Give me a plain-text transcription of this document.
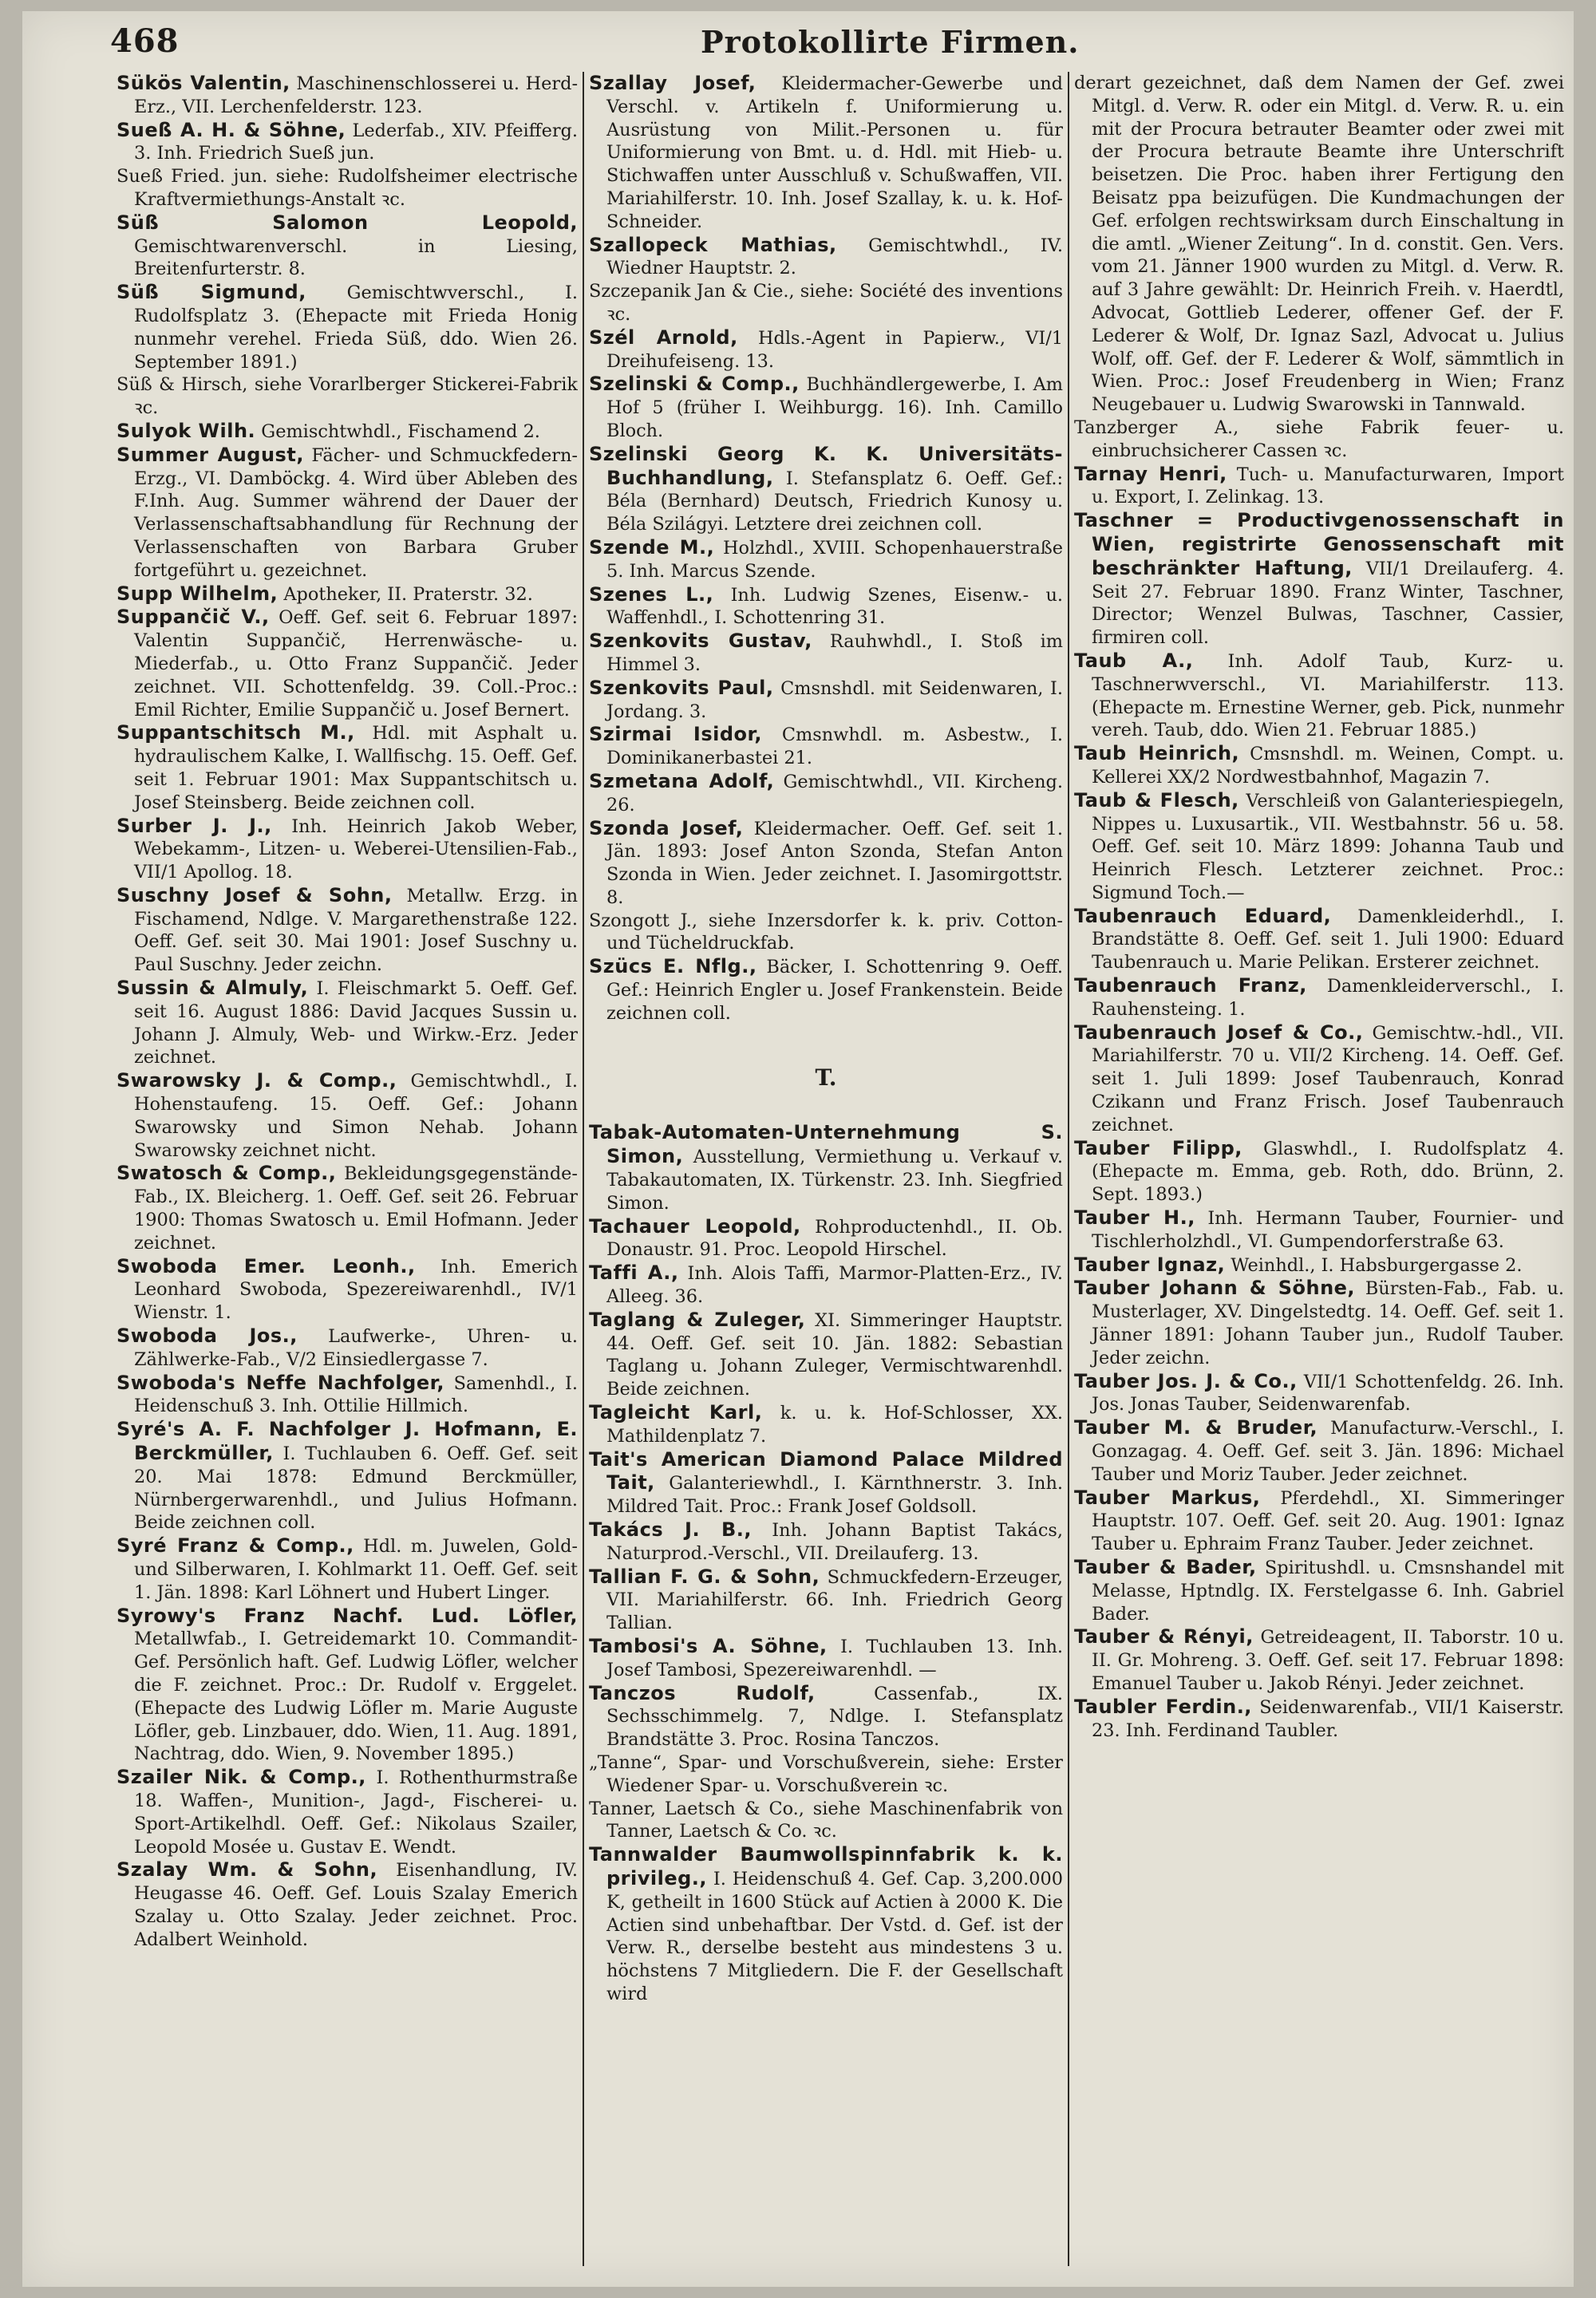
468	Protokollirte Firmen.

Sükös Valentin, Maschinenschlosserei u. Herd-Erz., VII. Lerchenfelderstr. 123.

Sueß A. H. & Söhne, Lederfab., XIV. Pfeifferg. 3. Inh. Friedrich Sueß jun.

Sueß Fried. jun. siehe: Rudolfsheimer electrische Kraftvermiethungs-Anstalt ꝛc.

Süß Salomon Leopold, Gemischtwarenverschl. in Liesing, Breitenfurterstr. 8.

Süß Sigmund, Gemischtwverschl., I. Rudolfsplatz 3. (Ehepacte mit Frieda Honig nunmehr verehel. Frieda Süß, ddo. Wien 26. September 1891.)

Süß & Hirsch, siehe Vorarlberger Stickerei-Fabrik ꝛc.

Sulyok Wilh. Gemischtwhdl., Fischamend 2.

Summer August, Fächer- und Schmuckfedern-Erzg., VI. Damböckg. 4. Wird über Ableben des F.Inh. Aug. Summer während der Dauer der Verlassenschaftsabhandlung für Rechnung der Verlassenschaften von Barbara Gruber fortgeführt u. gezeichnet.

Supp Wilhelm, Apotheker, II. Praterstr. 32.

Suppančič V., Oeff. Gef. seit 6. Februar 1897: Valentin Suppančič, Herrenwäsche- u. Miederfab., u. Otto Franz Suppančič. Jeder zeichnet. VII. Schottenfeldg. 39. Coll.-Proc.: Emil Richter, Emilie Suppančič u. Josef Bernert.

Suppantschitsch M., Hdl. mit Asphalt u. hydraulischem Kalke, I. Wallfischg. 15. Oeff. Gef. seit 1. Februar 1901: Max Suppantschitsch u. Josef Steinsberg. Beide zeichnen coll.

Surber J. J., Inh. Heinrich Jakob Weber, Webekamm-, Litzen- u. Weberei-Utensilien-Fab., VII/1 Apollog. 18.

Suschny Josef & Sohn, Metallw. Erzg. in Fischamend, Ndlge. V. Margarethenstraße 122. Oeff. Gef. seit 30. Mai 1901: Josef Suschny u. Paul Suschny. Jeder zeichn.

Sussin & Almuly, I. Fleischmarkt 5. Oeff. Gef. seit 16. August 1886: David Jacques Sussin u. Johann J. Almuly, Web- und Wirkw.-Erz. Jeder zeichnet.

Swarowsky J. & Comp., Gemischtwhdl., I. Hohenstaufeng. 15. Oeff. Gef.: Johann Swarowsky und Simon Nehab. Johann Swarowsky zeichnet nicht.

Swatosch & Comp., Bekleidungsgegenstände-Fab., IX. Bleicherg. 1. Oeff. Gef. seit 26. Februar 1900: Thomas Swatosch u. Emil Hofmann. Jeder zeichnet.

Swoboda Emer. Leonh., Inh. Emerich Leonhard Swoboda, Spezereiwarenhdl., IV/1 Wienstr. 1.

Swoboda Jos., Laufwerke-, Uhren- u. Zählwerke-Fab., V/2 Einsiedlergasse 7.

Swoboda's Neffe Nachfolger, Samenhdl., I. Heidenschuß 3. Inh. Ottilie Hillmich.

Syré's A. F. Nachfolger J. Hofmann, E. Berckmüller, I. Tuchlauben 6. Oeff. Gef. seit 20. Mai 1878: Edmund Berckmüller, Nürnbergerwarenhdl., und Julius Hofmann. Beide zeichnen coll.

Syré Franz & Comp., Hdl. m. Juwelen, Gold- und Silberwaren, I. Kohlmarkt 11. Oeff. Gef. seit 1. Jän. 1898: Karl Löhnert und Hubert Linger.

Syrowy's Franz Nachf. Lud. Löfler, Metallwfab., I. Getreidemarkt 10. Commandit-Gef. Persönlich haft. Gef. Ludwig Löfler, welcher die F. zeichnet. Proc.: Dr. Rudolf v. Erggelet. (Ehepacte des Ludwig Löfler m. Marie Auguste Löfler, geb. Linzbauer, ddo. Wien, 11. Aug. 1891, Nachtrag, ddo. Wien, 9. November 1895.)

Szailer Nik. & Comp., I. Rothenthurmstraße 18. Waffen-, Munition-, Jagd-, Fischerei- u. Sport-Artikelhdl. Oeff. Gef.: Nikolaus Szailer, Leopold Mosée u. Gustav E. Wendt.

Szalay Wm. & Sohn, Eisenhandlung, IV. Heugasse 46. Oeff. Gef. Louis Szalay Emerich Szalay u. Otto Szalay. Jeder zeichnet. Proc. Adalbert Weinhold.

Szallay Josef, Kleidermacher-Gewerbe und Verschl. v. Artikeln f. Uniformierung u. Ausrüstung von Milit.-Personen u. für Uniformierung von Bmt. u. d. Hdl. mit Hieb- u. Stichwaffen unter Ausschluß v. Schußwaffen, VII. Mariahilferstr. 10. Inh. Josef Szallay, k. u. k. Hof-Schneider.

Szallopeck Mathias, Gemischtwhdl., IV. Wiedner Hauptstr. 2.

Szczepanik Jan & Cie., siehe: Société des inventions ꝛc.

Szél Arnold, Hdls.-Agent in Papierw., VI/1 Dreihufeiseng. 13.

Szelinski & Comp., Buchhändlergewerbe, I. Am Hof 5 (früher I. Weihburgg. 16). Inh. Camillo Bloch.

Szelinski Georg K. K. Universitäts-Buchhandlung, I. Stefansplatz 6. Oeff. Gef.: Béla (Bernhard) Deutsch, Friedrich Kunosy u. Béla Szilágyi. Letztere drei zeichnen coll.

Szende M., Holzhdl., XVIII. Schopenhauerstraße 5. Inh. Marcus Szende.

Szenes L., Inh. Ludwig Szenes, Eisenw.- u. Waffenhdl., I. Schottenring 31.

Szenkovits Gustav, Rauhwhdl., I. Stoß im Himmel 3.

Szenkovits Paul, Cmsnshdl. mit Seidenwaren, I. Jordang. 3.

Szirmai Isidor, Cmsnwhdl. m. Asbestw., I. Dominikanerbastei 21.

Szmetana Adolf, Gemischtwhdl., VII. Kircheng. 26.

Szonda Josef, Kleidermacher. Oeff. Gef. seit 1. Jän. 1893: Josef Anton Szonda, Stefan Anton Szonda in Wien. Jeder zeichnet. I. Jasomirgottstr. 8.

Szongott J., siehe Inzersdorfer k. k. priv. Cotton- und Tücheldruckfab.

Szücs E. Nflg., Bäcker, I. Schottenring 9. Oeff. Gef.: Heinrich Engler u. Josef Frankenstein. Beide zeichnen coll.

T.

Tabak-Automaten-Unternehmung S. Simon, Ausstellung, Vermiethung u. Verkauf v. Tabakautomaten, IX. Türkenstr. 23. Inh. Siegfried Simon.

Tachauer Leopold, Rohproductenhdl., II. Ob. Donaustr. 91. Proc. Leopold Hirschel.

Taffi A., Inh. Alois Taffi, Marmor-Platten-Erz., IV. Alleeg. 36.

Taglang & Zuleger, XI. Simmeringer Hauptstr. 44. Oeff. Gef. seit 10. Jän. 1882: Sebastian Taglang u. Johann Zuleger, Vermischtwarenhdl. Beide zeichnen.

Tagleicht Karl, k. u. k. Hof-Schlosser, XX. Mathildenplatz 7.

Tait's American Diamond Palace Mildred Tait, Galanteriewhdl., I. Kärnthnerstr. 3. Inh. Mildred Tait. Proc.: Frank Josef Goldsoll.

Takács J. B., Inh. Johann Baptist Takács, Naturprod.-Verschl., VII. Dreilauferg. 13.

Tallian F. G. & Sohn, Schmuckfedern-Erzeuger, VII. Mariahilferstr. 66. Inh. Friedrich Georg Tallian.

Tambosi's A. Söhne, I. Tuchlauben 13. Inh. Josef Tambosi, Spezereiwarenhdl. —

Tanczos Rudolf, Cassenfab., IX. Sechsschimmelg. 7, Ndlge. I. Stefansplatz Brandstätte 3. Proc. Rosina Tanczos.

„Tanne“, Spar- und Vorschußverein, siehe: Erster Wiedener Spar- u. Vorschußverein ꝛc.

Tanner, Laetsch & Co., siehe Maschinenfabrik von Tanner, Laetsch & Co. ꝛc.

Tannwalder Baumwollspinnfabrik k. k. privileg., I. Heidenschuß 4. Gef. Cap. 3,200.000 K, getheilt in 1600 Stück auf Actien à 2000 K. Die Actien sind unbehaftbar. Der Vstd. d. Gef. ist der Verw. R., derselbe besteht aus mindestens 3 u. höchstens 7 Mitgliedern. Die F. der Gesellschaft wird

derart gezeichnet, daß dem Namen der Gef. zwei Mitgl. d. Verw. R. oder ein Mitgl. d. Verw. R. u. ein mit der Procura betrauter Beamter oder zwei mit der Procura betraute Beamte ihre Unterschrift beisetzen. Die Proc. haben ihrer Fertigung den Beisatz ppa beizufügen. Die Kundmachungen der Gef. erfolgen rechtswirksam durch Einschaltung in die amtl. „Wiener Zeitung“. In d. constit. Gen. Vers. vom 21. Jänner 1900 wurden zu Mitgl. d. Verw. R. auf 3 Jahre gewählt: Dr. Heinrich Freih. v. Haerdtl, Advocat, Gottlieb Lederer, offener Gef. der F. Lederer & Wolf, Dr. Ignaz Sazl, Advocat u. Julius Wolf, off. Gef. der F. Lederer & Wolf, sämmtlich in Wien. Proc.: Josef Freudenberg in Wien; Franz Neugebauer u. Ludwig Swarowski in Tannwald.

Tanzberger A., siehe Fabrik feuer- u. einbruchsicherer Cassen ꝛc.

Tarnay Henri, Tuch- u. Manufacturwaren, Import u. Export, I. Zelinkag. 13.

Taschner = Productivgenossenschaft in Wien, registrirte Genossenschaft mit beschränkter Haftung, VII/1 Dreilauferg. 4. Seit 27. Februar 1890. Franz Winter, Taschner, Director; Wenzel Bulwas, Taschner, Cassier, firmiren coll.

Taub A., Inh. Adolf Taub, Kurz- u. Taschnerwverschl., VI. Mariahilferstr. 113. (Ehepacte m. Ernestine Werner, geb. Pick, nunmehr vereh. Taub, ddo. Wien 21. Februar 1885.)

Taub Heinrich, Cmsnshdl. m. Weinen, Compt. u. Kellerei XX/2 Nordwestbahnhof, Magazin 7.

Taub & Flesch, Verschleiß von Galanteriespiegeln, Nippes u. Luxusartik., VII. Westbahnstr. 56 u. 58. Oeff. Gef. seit 10. März 1899: Johanna Taub und Heinrich Flesch. Letzterer zeichnet. Proc.: Sigmund Toch.—

Taubenrauch Eduard, Damenkleiderhdl., I. Brandstätte 8. Oeff. Gef. seit 1. Juli 1900: Eduard Taubenrauch u. Marie Pelikan. Ersterer zeichnet.

Taubenrauch Franz, Damenkleiderverschl., I. Rauhensteing. 1.

Taubenrauch Josef & Co., Gemischtw.-hdl., VII. Mariahilferstr. 70 u. VII/2 Kircheng. 14. Oeff. Gef. seit 1. Juli 1899: Josef Taubenrauch, Konrad Czikann und Franz Frisch. Josef Taubenrauch zeichnet.

Tauber Filipp, Glaswhdl., I. Rudolfsplatz 4. (Ehepacte m. Emma, geb. Roth, ddo. Brünn, 2. Sept. 1893.)

Tauber H., Inh. Hermann Tauber, Fournier- und Tischlerholzhdl., VI. Gumpendorferstraße 63.

Tauber Ignaz, Weinhdl., I. Habsburgergasse 2.

Tauber Johann & Söhne, Bürsten-Fab., Fab. u. Musterlager, XV. Dingelstedtg. 14. Oeff. Gef. seit 1. Jänner 1891: Johann Tauber jun., Rudolf Tauber. Jeder zeichn.

Tauber Jos. J. & Co., VII/1 Schottenfeldg. 26. Inh. Jos. Jonas Tauber, Seidenwarenfab.

Tauber M. & Bruder, Manufacturw.-Verschl., I. Gonzagag. 4. Oeff. Gef. seit 3. Jän. 1896: Michael Tauber und Moriz Tauber. Jeder zeichnet.

Tauber Markus, Pferdehdl., XI. Simmeringer Hauptstr. 107. Oeff. Gef. seit 20. Aug. 1901: Ignaz Tauber u. Ephraim Franz Tauber. Jeder zeichnet.

Tauber & Bader, Spiritushdl. u. Cmsnshandel mit Melasse, Hptndlg. IX. Ferstelgasse 6. Inh. Gabriel Bader.

Tauber & Rényi, Getreideagent, II. Taborstr. 10 u. II. Gr. Mohreng. 3. Oeff. Gef. seit 17. Februar 1898: Emanuel Tauber u. Jakob Rényi. Jeder zeichnet.

Taubler Ferdin., Seidenwarenfab., VII/1 Kaiserstr. 23. Inh. Ferdinand Taubler.
